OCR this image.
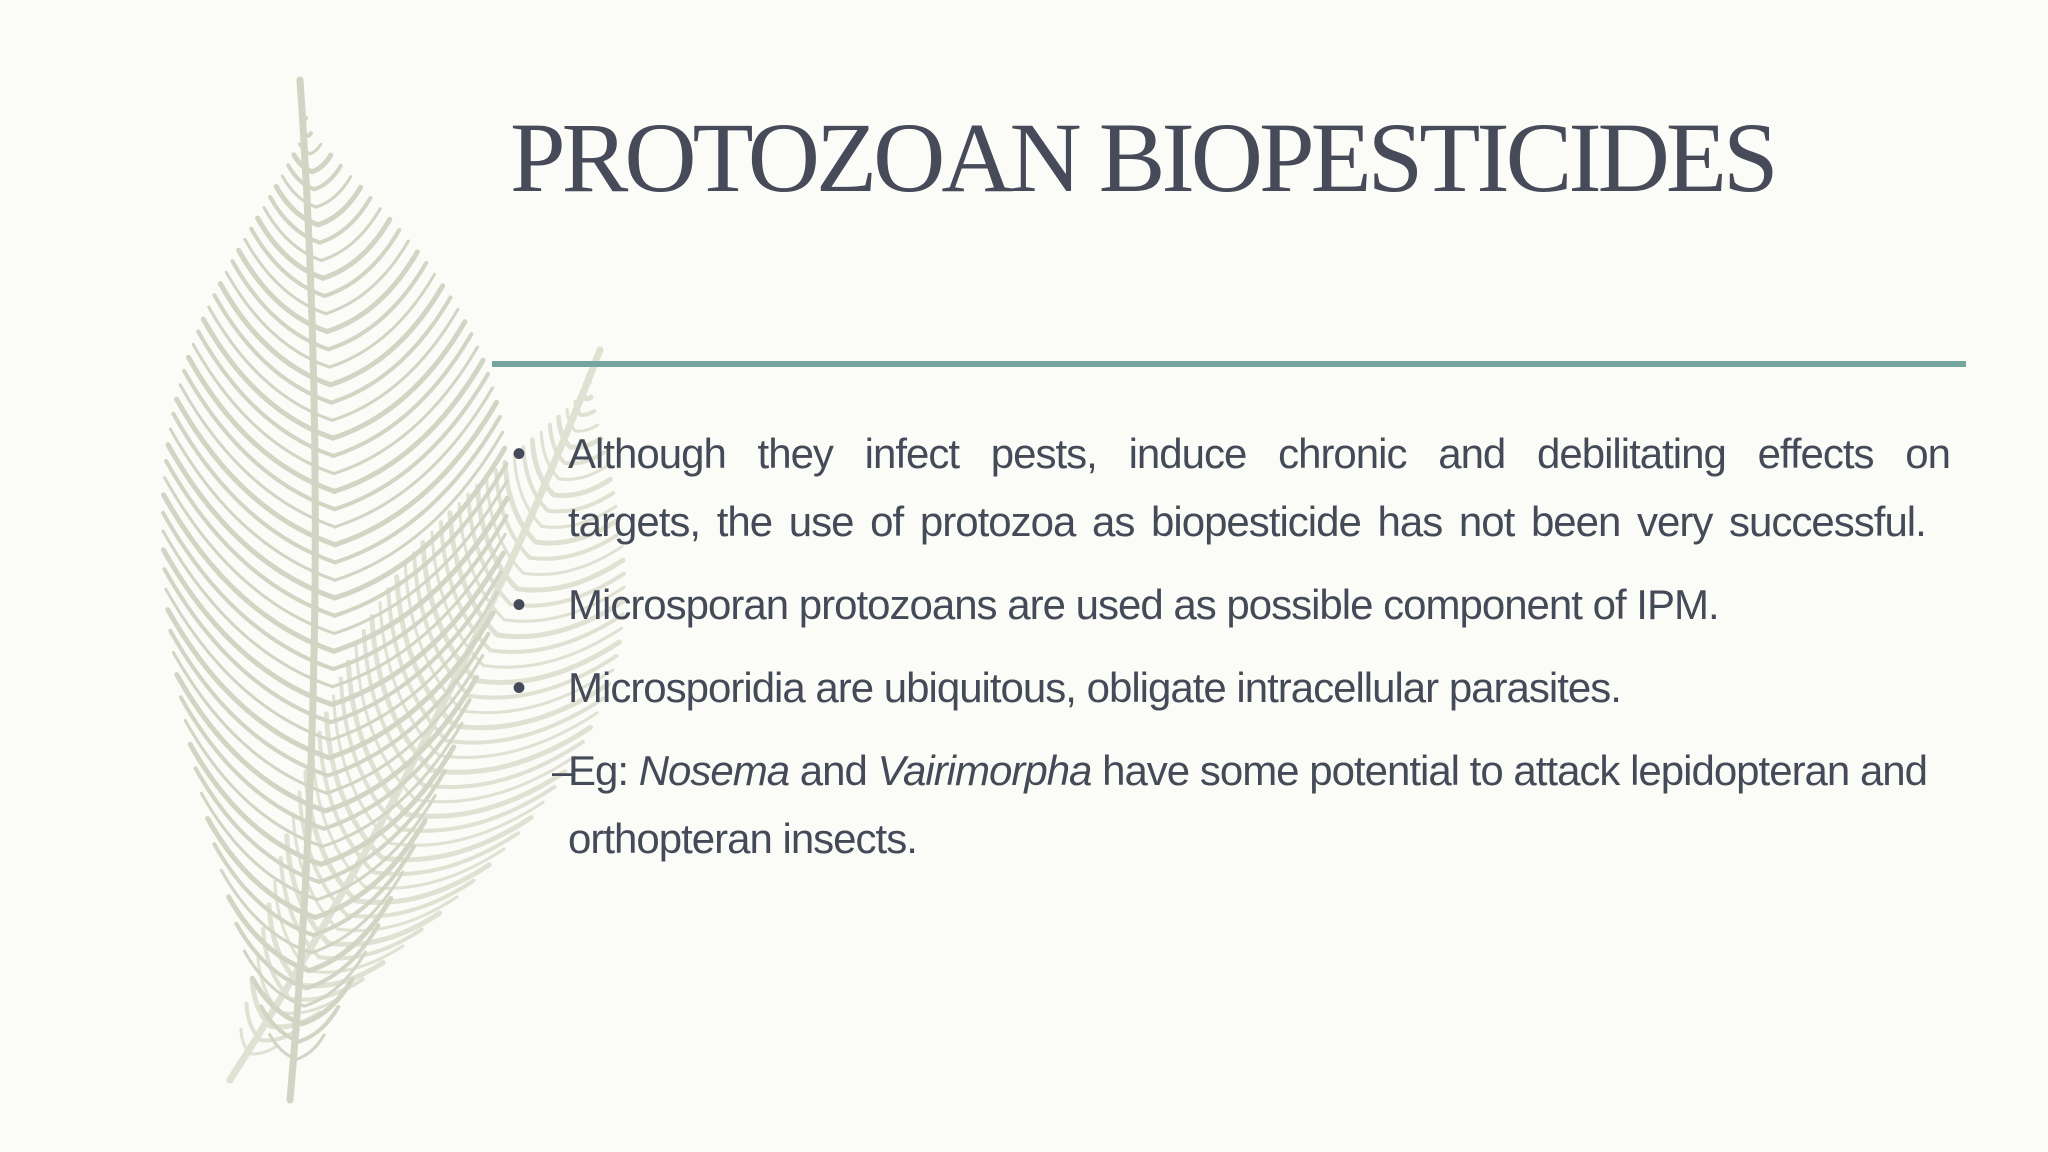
PROTOZOAN BIOPESTICIDES
• Although they infect pests, induce chronic and debilitating effects on targets, the use of protozoa as biopesticide has not been very successful.
• Microsporan protozoans are used as possible component of IPM.
• Microsporidia are ubiquitous, obligate intracellular parasites.
–
Eg: Nosema and Vairimorpha have some potential to attack lepidopteran and orthopteran insects.
